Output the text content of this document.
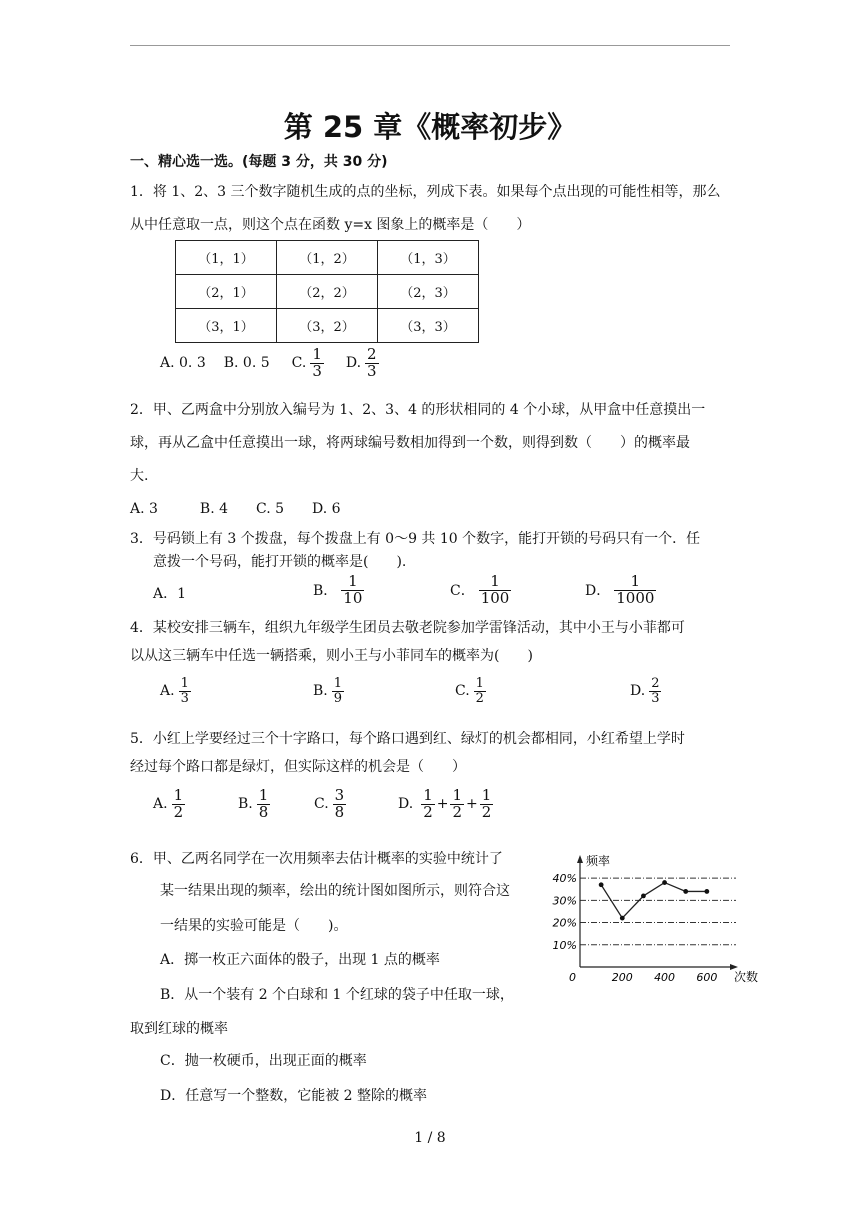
第 25 章《概率初步》
一、精心选一选。(每题 3 分，共 30 分)
1．将 1、2、3 三个数字随机生成的点的坐标，列成下表。如果每个点出现的可能性相等，那么
从中任意取一点，则这个点在函数 y=x 图象上的概率是（　　）
（1，1）	（1，2）	（1，3）
（2，1）	（2，2）	（2，3）
（3，1）	（3，2）	（3，3）
A. 0. 3 B. 0. 5 C. $\frac{1}{3} D$. $\frac{2}{3}$
2．甲、乙两盒中分别放入编号为 1、2、3、4 的形状相同的 4 个小球，从甲盒中任意摸出一
球，再从乙盒中任意摸出一球，将两球编号数相加得到一个数，则得到数（　　）的概率最
大.
A. 3　　　B. 4　　C. 5　　D. 6
3．号码锁上有 3 个拨盘，每个拨盘上有 0～9 共 10 个数字，能打开锁的号码只有一个．任
意拨一个号码，能打开锁的概率是(　　).
A．1	B． $\frac{1}{10}$	C． $\frac{1}{100}$	D． $\frac{1}{1000}$
4．某校安排三辆车，组织九年级学生团员去敬老院参加学雷锋活动，其中小王与小菲都可
以从这三辆车中任选一辆搭乘，则小王与小菲同车的概率为(　　)
A. $\frac{1}{3}$	B. $\frac{1}{9}$	C. $\frac{1}{2}$	D. $\frac{2}{3}$
5．小红上学要经过三个十字路口，每个路口遇到红、绿灯的机会都相同，小红希望上学时
经过每个路口都是绿灯，但实际这样的机会是（　　）
A. $\frac{1}{2}$	B. $\frac{1}{8}$	C. $\frac{3}{8}$	D. $\frac{1}{2} + \frac{1}{2} + \frac{1}{2}$
6．甲、乙两名同学在一次用频率去估计概率的实验中统计了
某一结果出现的频率，绘出的统计图如图所示，则符合这
一结果的实验可能是（　　)。
A．掷一枚正六面体的骰子，出现 1 点的概率
B．从一个装有 2 个白球和 1 个红球的袋子中任取一球，
取到红球的概率
C．抛一枚硬币，出现正面的概率
D．任意写一个整数，它能被 2 整除的概率
10%
20%
30%
40%
频率
次数
0	200 400 600
1 / 8
